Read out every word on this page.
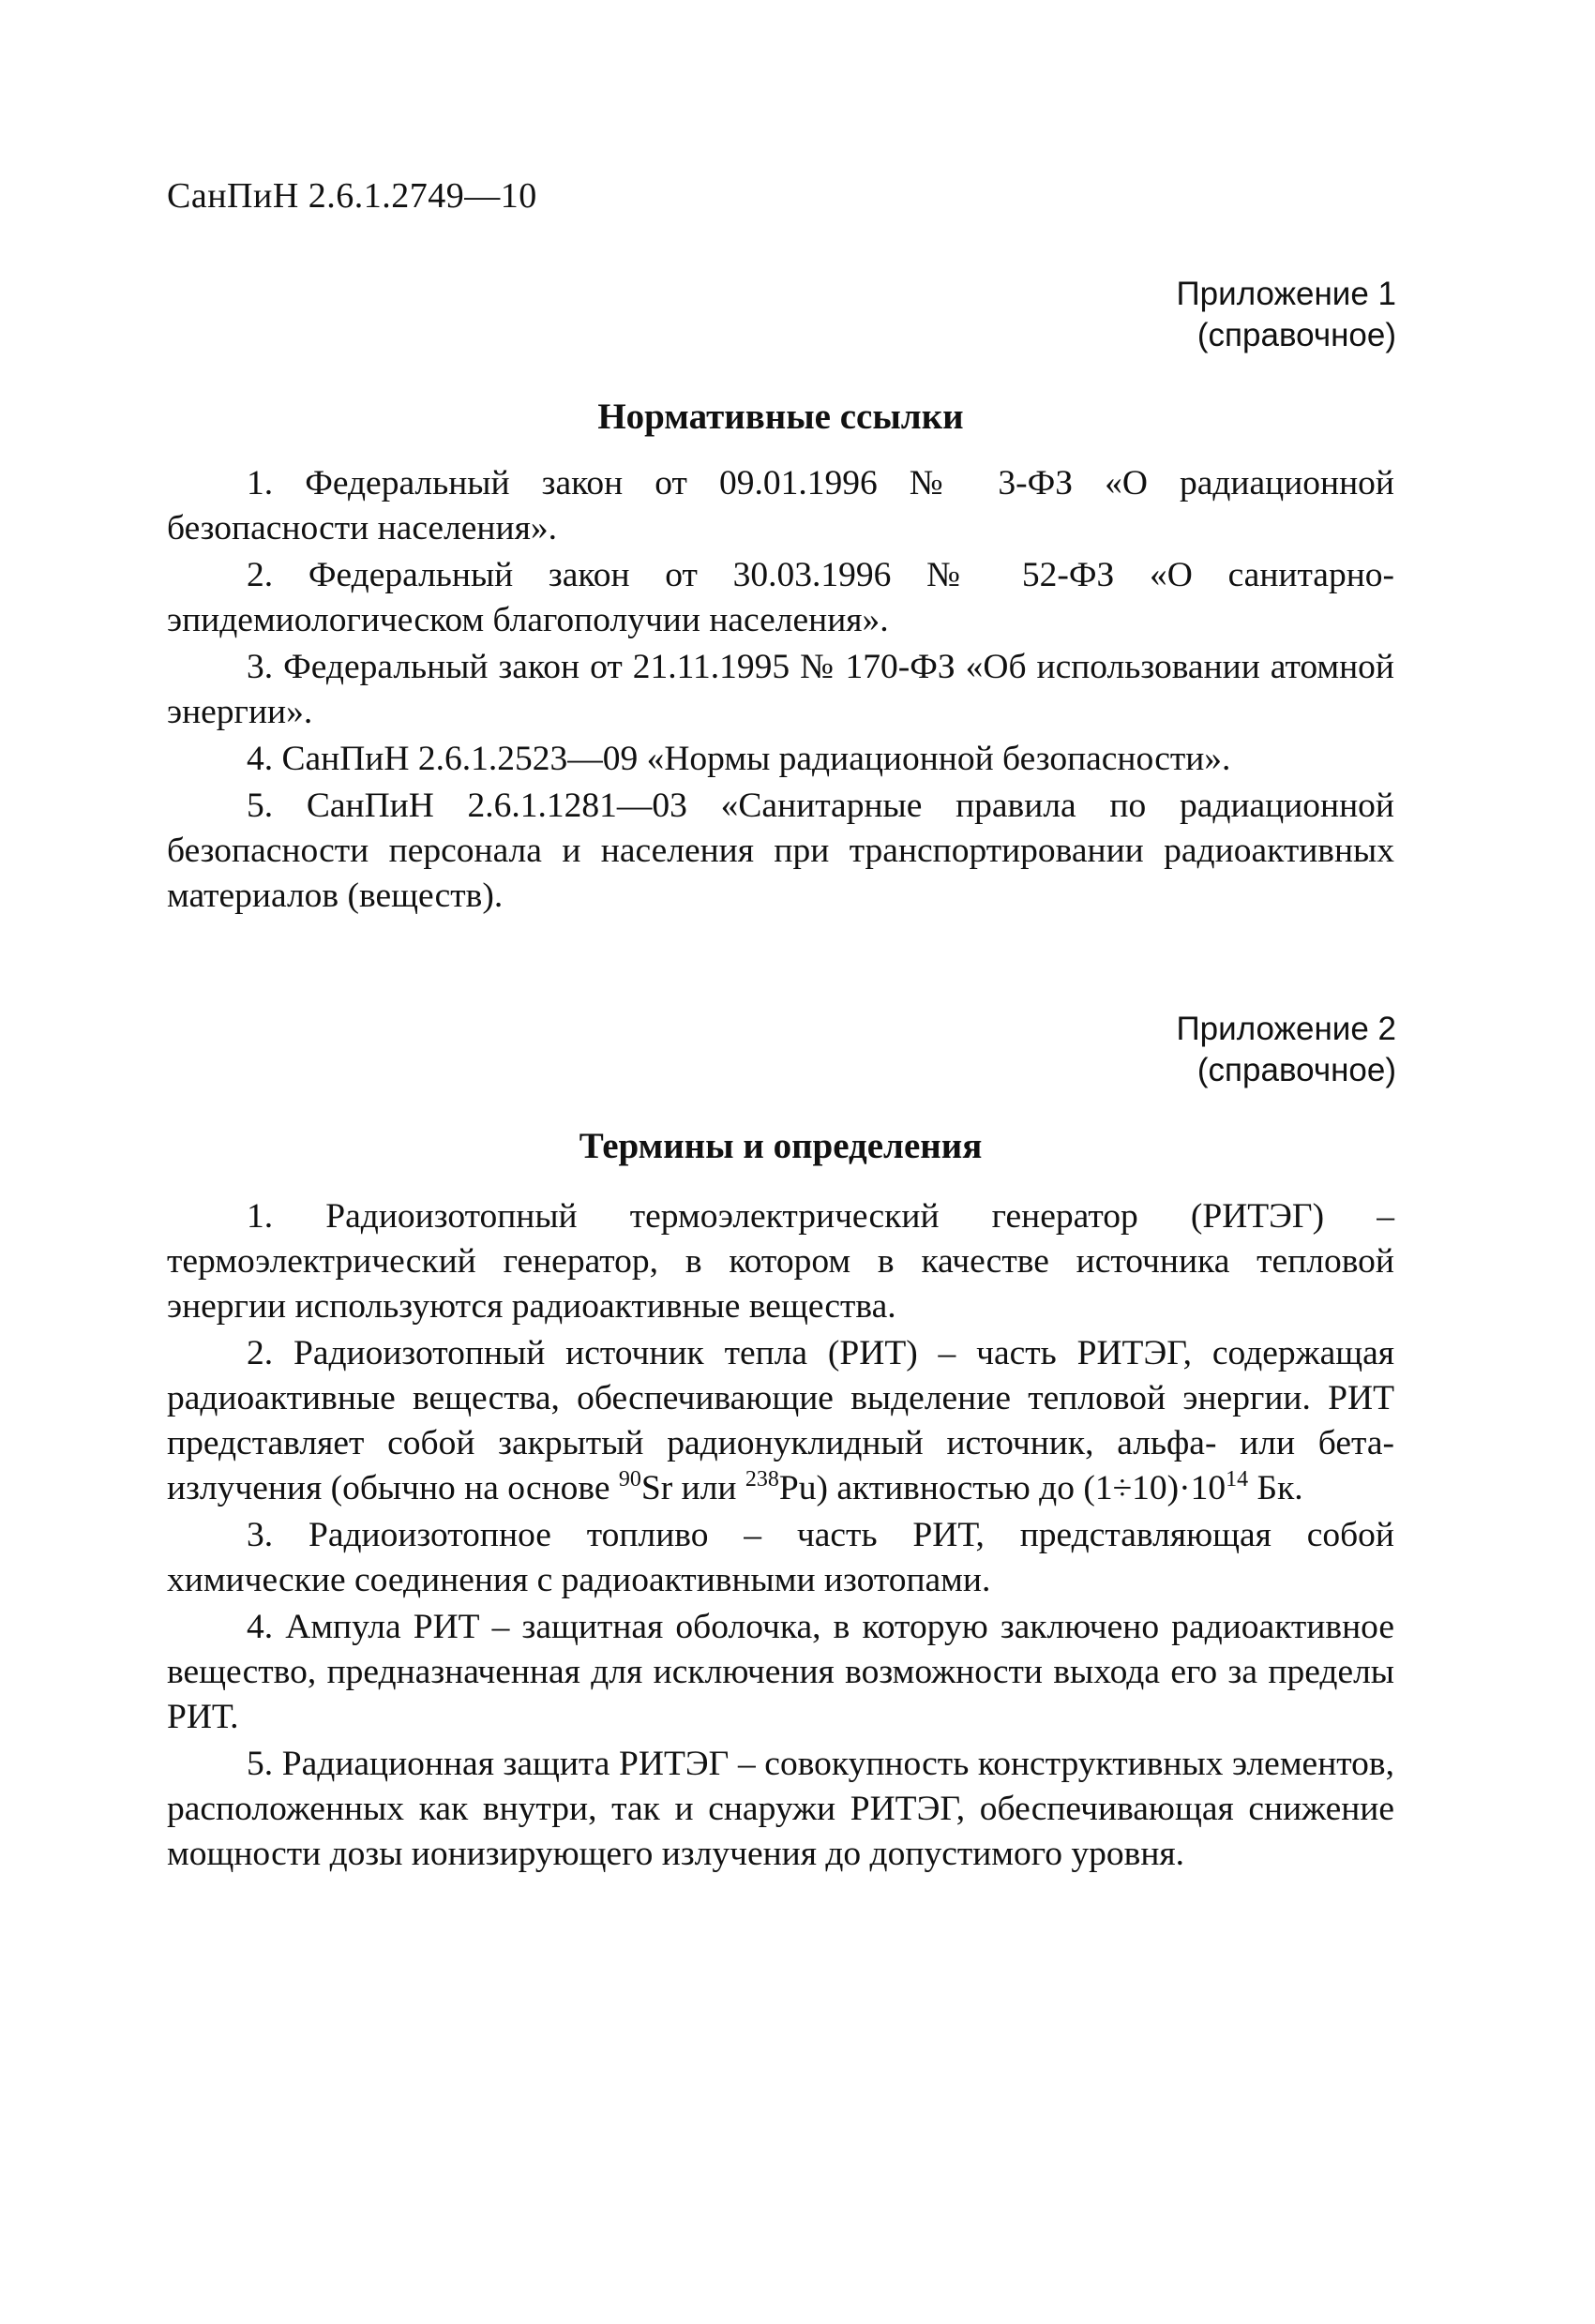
СанПиН 2.6.1.2749—10
Приложение 1
(справочное)
Нормативные ссылки
1. Федеральный закон от 09.01.1996 № 3-ФЗ «О радиационной безопасности населения».
2. Федеральный закон от 30.03.1996 № 52-ФЗ «О санитарно-эпидемиологическом благополучии населения».
3. Федеральный закон от 21.11.1995 № 170-ФЗ «Об использовании атомной энергии».
4. СанПиН 2.6.1.2523—09 «Нормы радиационной безопасности».
5. СанПиН 2.6.1.1281—03 «Санитарные правила по радиационной безопасности персонала и населения при транспортировании радиоактивных материалов (веществ).
Приложение 2
(справочное)
Термины и определения
1. Радиоизотопный термоэлектрический генератор (РИТЭГ) – термоэлектрический генератор, в котором в качестве источника тепловой энергии используются радиоактивные вещества.
2. Радиоизотопный источник тепла (РИТ) – часть РИТЭГ, содержащая радиоактивные вещества, обеспечивающие выделение тепловой энергии. РИТ представляет собой закрытый радионуклидный источник, альфа- или бета-излучения (обычно на основе $^{90}$Sr или $^{238}$Pu) активностью до $(1\div 10)\cdot 10^{14}$ Бк.
3. Радиоизотопное топливо – часть РИТ, представляющая собой химические соединения с радиоактивными изотопами.
4. Ампула РИТ – защитная оболочка, в которую заключено радиоактивное вещество, предназначенная для исключения возможности выхода его за пределы РИТ.
5. Радиационная защита РИТЭГ – совокупность конструктивных элементов, расположенных как внутри, так и снаружи РИТЭГ, обеспечивающая снижение мощности дозы ионизирующего излучения до допустимого уровня.
